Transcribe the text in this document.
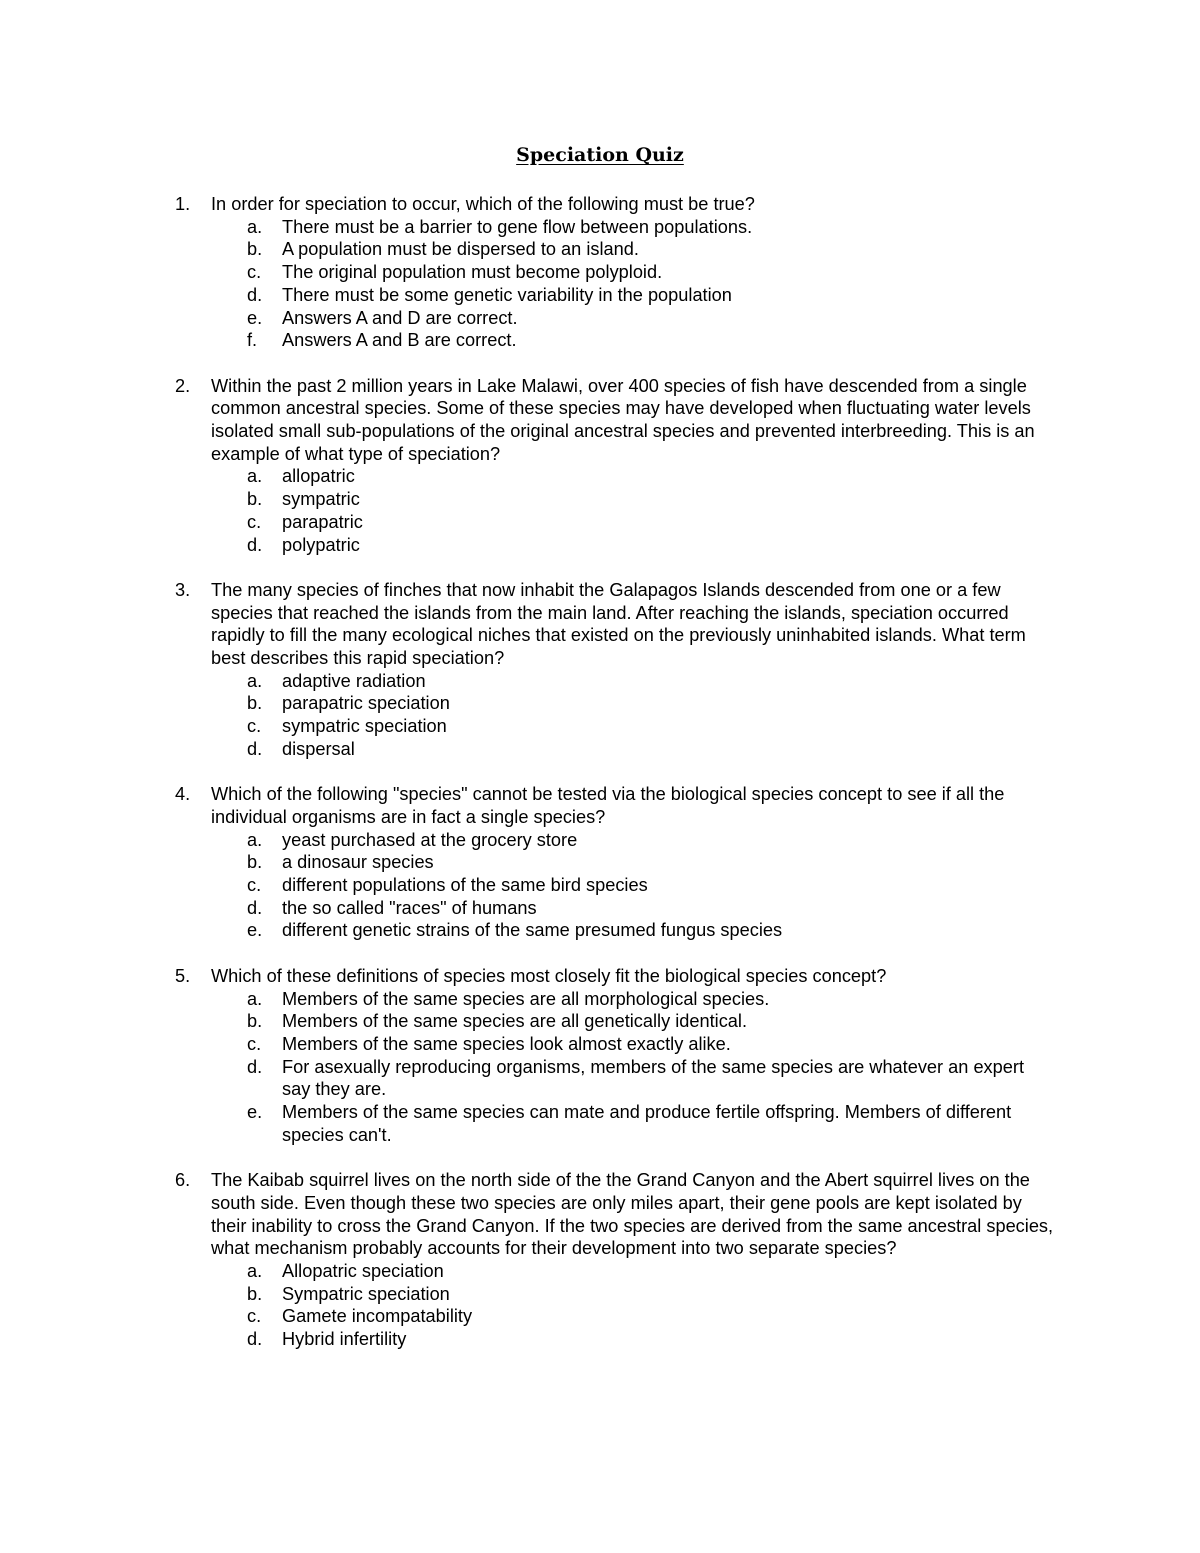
Speciation Quiz
1.	In order for speciation to occur, which of the following must be true?
a.	There must be a barrier to gene flow between populations.
b.	A population must be dispersed to an island.
c.	The original population must become polyploid.
d.	There must be some genetic variability in the population
e.	Answers A and D are correct.
f.	Answers A and B are correct.
2.	Within the past 2 million years in Lake Malawi, over 400 species of fish have descended from a single common ancestral species. Some of these species may have developed when fluctuating water levels isolated small sub-populations of the original ancestral species and prevented interbreeding. This is an example of what type of speciation?
a.	allopatric
b.	sympatric
c.	parapatric
d.	polypatric
3.	The many species of finches that now inhabit the Galapagos Islands descended from one or a few species that reached the islands from the main land. After reaching the islands, speciation occurred rapidly to fill the many ecological niches that existed on the previously uninhabited islands. What term best describes this rapid speciation?
a.	adaptive radiation
b.	parapatric speciation
c.	sympatric speciation
d.	dispersal
4.	Which of the following "species" cannot be tested via the biological species concept to see if all the individual organisms are in fact a single species?
a.	yeast purchased at the grocery store
b.	a dinosaur species
c.	different populations of the same bird species
d.	the so called "races" of humans
e.	different genetic strains of the same presumed fungus species
5.	Which of these definitions of species most closely fit the biological species concept?
a.	Members of the same species are all morphological species.
b.	Members of the same species are all genetically identical.
c.	Members of the same species look almost exactly alike.
d.	For asexually reproducing organisms, members of the same species are whatever an expert say they are.
e.	Members of the same species can mate and produce fertile offspring. Members of different species can't.
6.	The Kaibab squirrel lives on the north side of the the Grand Canyon and the Abert squirrel lives on the south side. Even though these two species are only miles apart, their gene pools are kept isolated by their inability to cross the Grand Canyon. If the two species are derived from the same ancestral species, what mechanism probably accounts for their development into two separate species?
a.	Allopatric speciation
b.	Sympatric speciation
c.	Gamete incompatability
d.	Hybrid infertility
